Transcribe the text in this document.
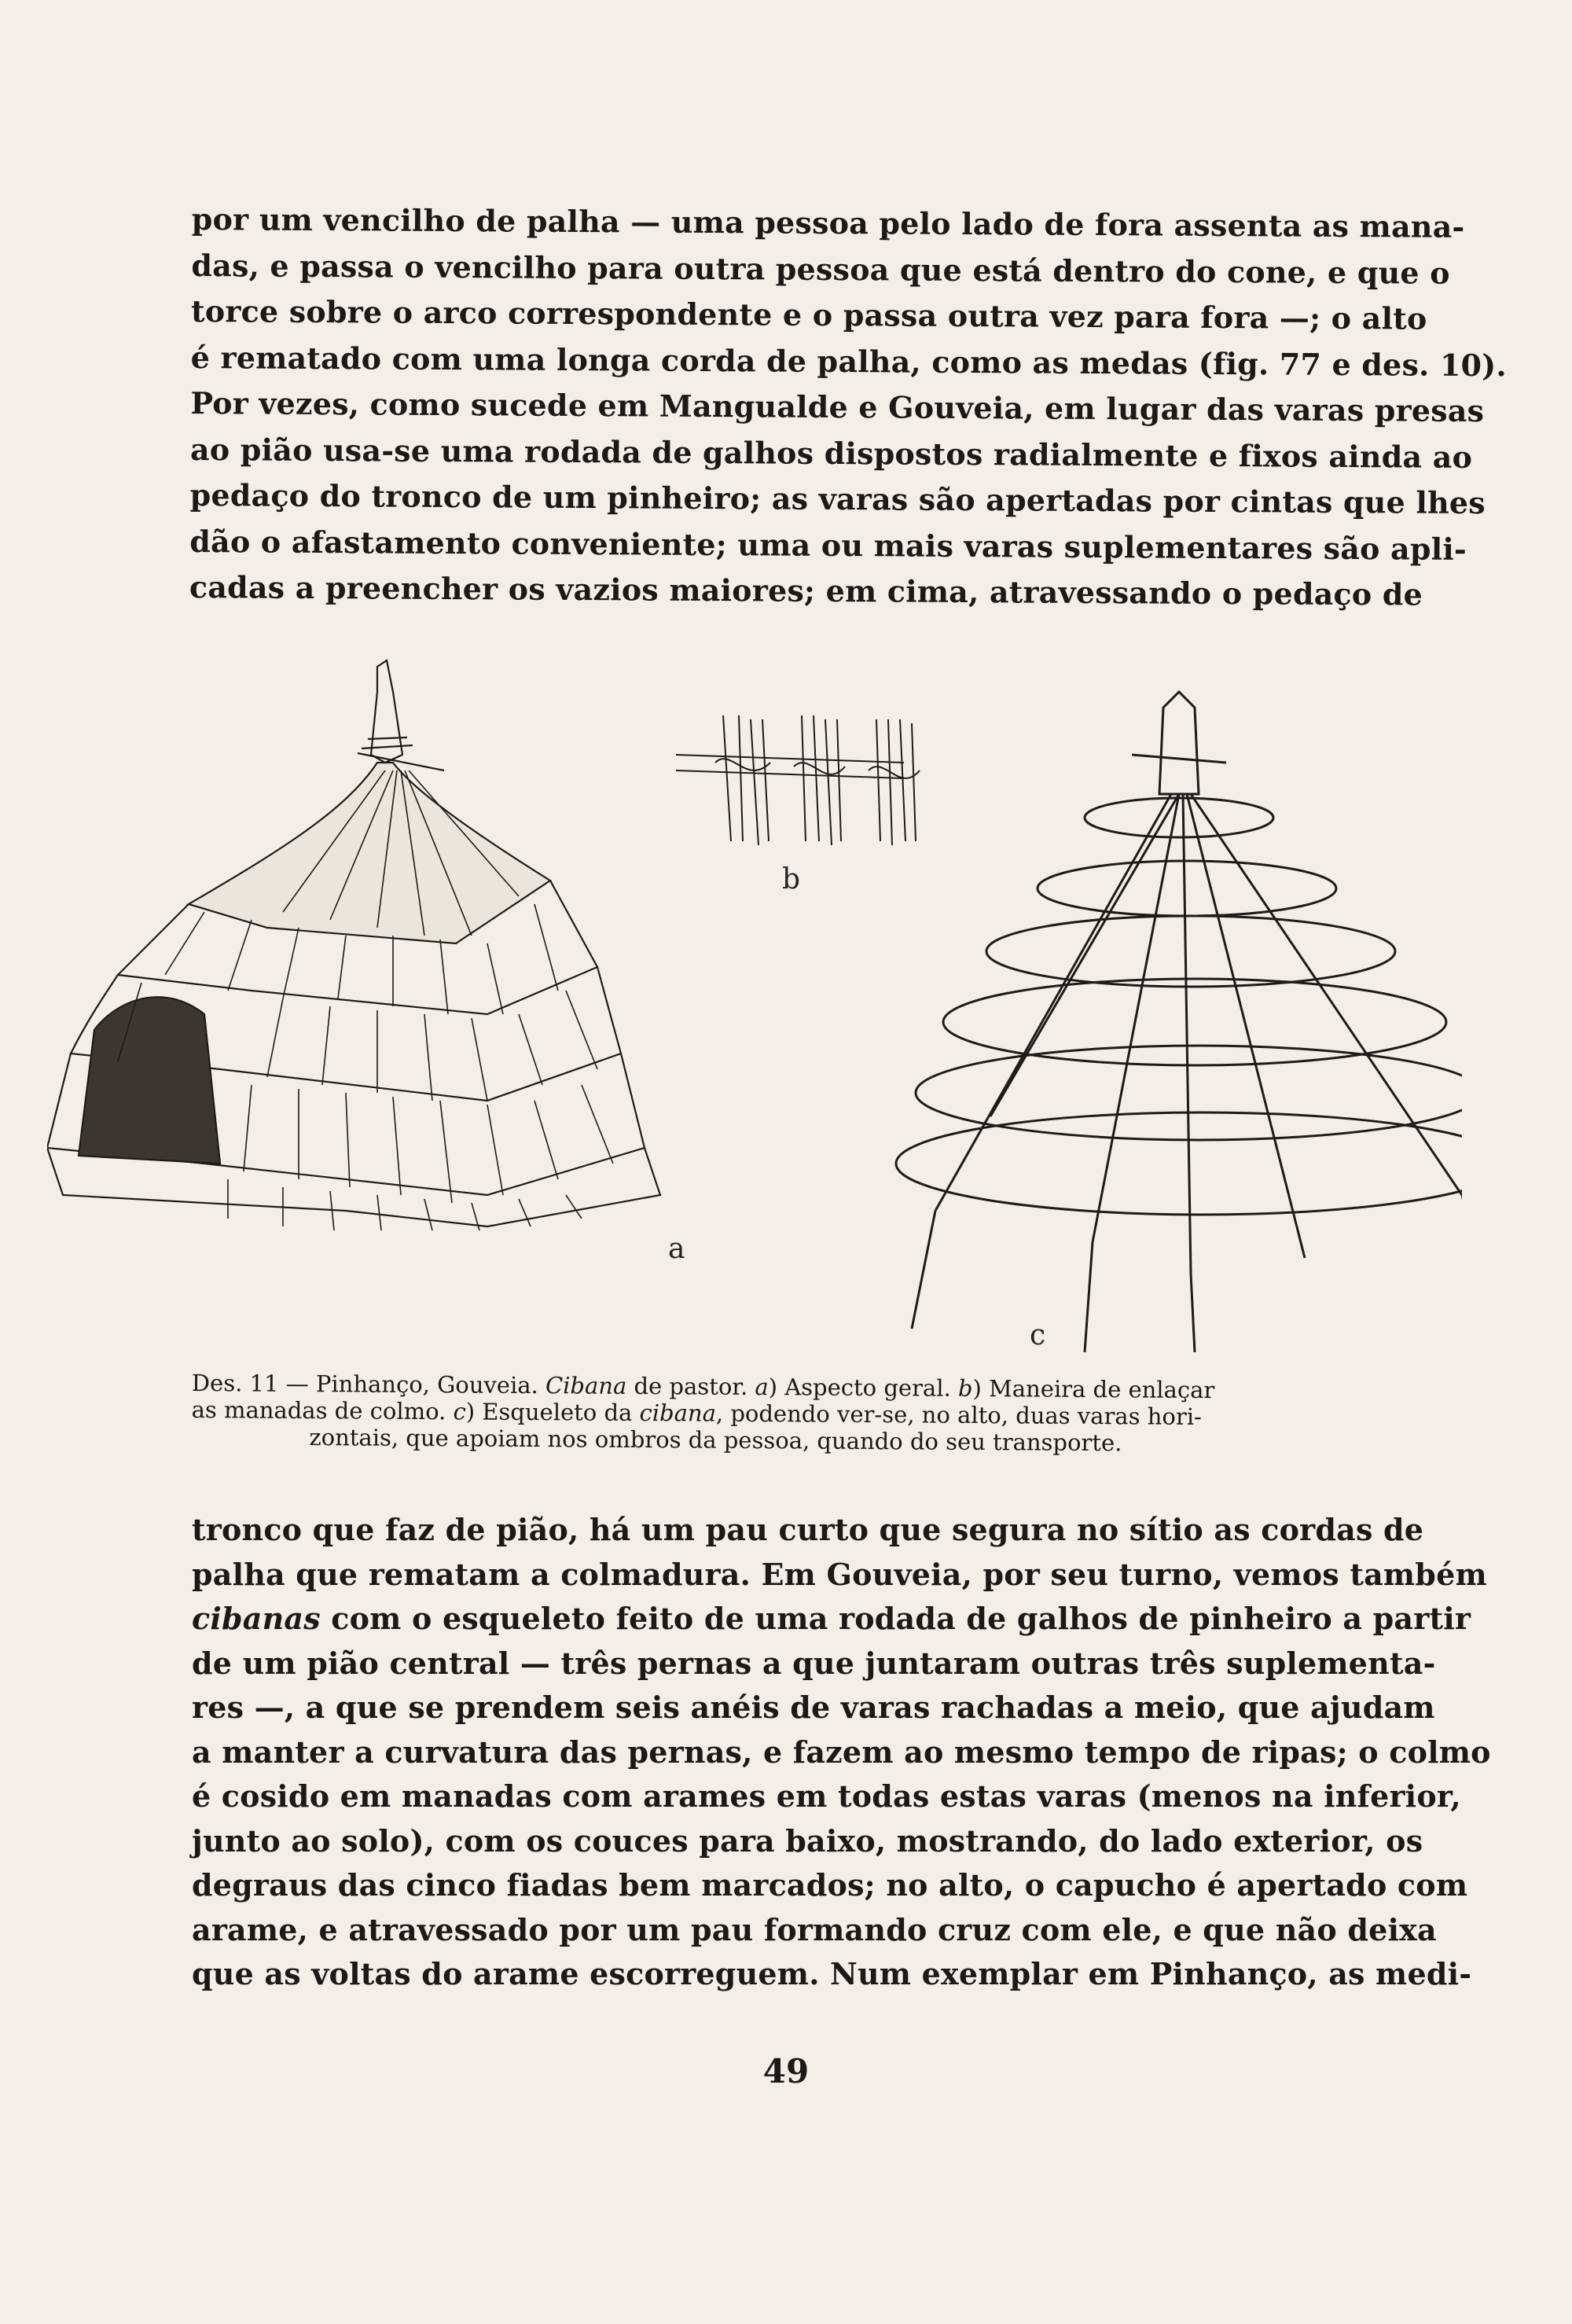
por um vencilho de palha — uma pessoa pelo lado de fora assenta as mana-
das, e passa o vencilho para outra pessoa que está dentro do cone, e que o
torce sobre o arco correspondente e o passa outra vez para fora —; o alto
é rematado com uma longa corda de palha, como as medas (fig. 77 e des. 10).
Por vezes, como sucede em Mangualde e Gouveia, em lugar das varas presas
ao pião usa-se uma rodada de galhos dispostos radialmente e fixos ainda ao
pedaço do tronco de um pinheiro; as varas são apertadas por cintas que lhes
dão o afastamento conveniente; uma ou mais varas suplementares são apli-
cadas a preencher os vazios maiores; em cima, atravessando o pedaço de
a
b
c
Des. 11 — Pinhanço, Gouveia. Cibana de pastor. a) Aspecto geral. b) Maneira de enlaçar
as manadas de colmo. c) Esqueleto da cibana, podendo ver-se, no alto, duas varas hori-
zontais, que apoiam nos ombros da pessoa, quando do seu transporte.
tronco que faz de pião, há um pau curto que segura no sítio as cordas de
palha que rematam a colmadura. Em Gouveia, por seu turno, vemos também
cibanas com o esqueleto feito de uma rodada de galhos de pinheiro a partir
de um pião central — três pernas a que juntaram outras três suplementa-
res —, a que se prendem seis anéis de varas rachadas a meio, que ajudam
a manter a curvatura das pernas, e fazem ao mesmo tempo de ripas; o colmo
é cosido em manadas com arames em todas estas varas (menos na inferior,
junto ao solo), com os couces para baixo, mostrando, do lado exterior, os
degraus das cinco fiadas bem marcados; no alto, o capucho é apertado com
arame, e atravessado por um pau formando cruz com ele, e que não deixa
que as voltas do arame escorreguem. Num exemplar em Pinhanço, as medi-
49
